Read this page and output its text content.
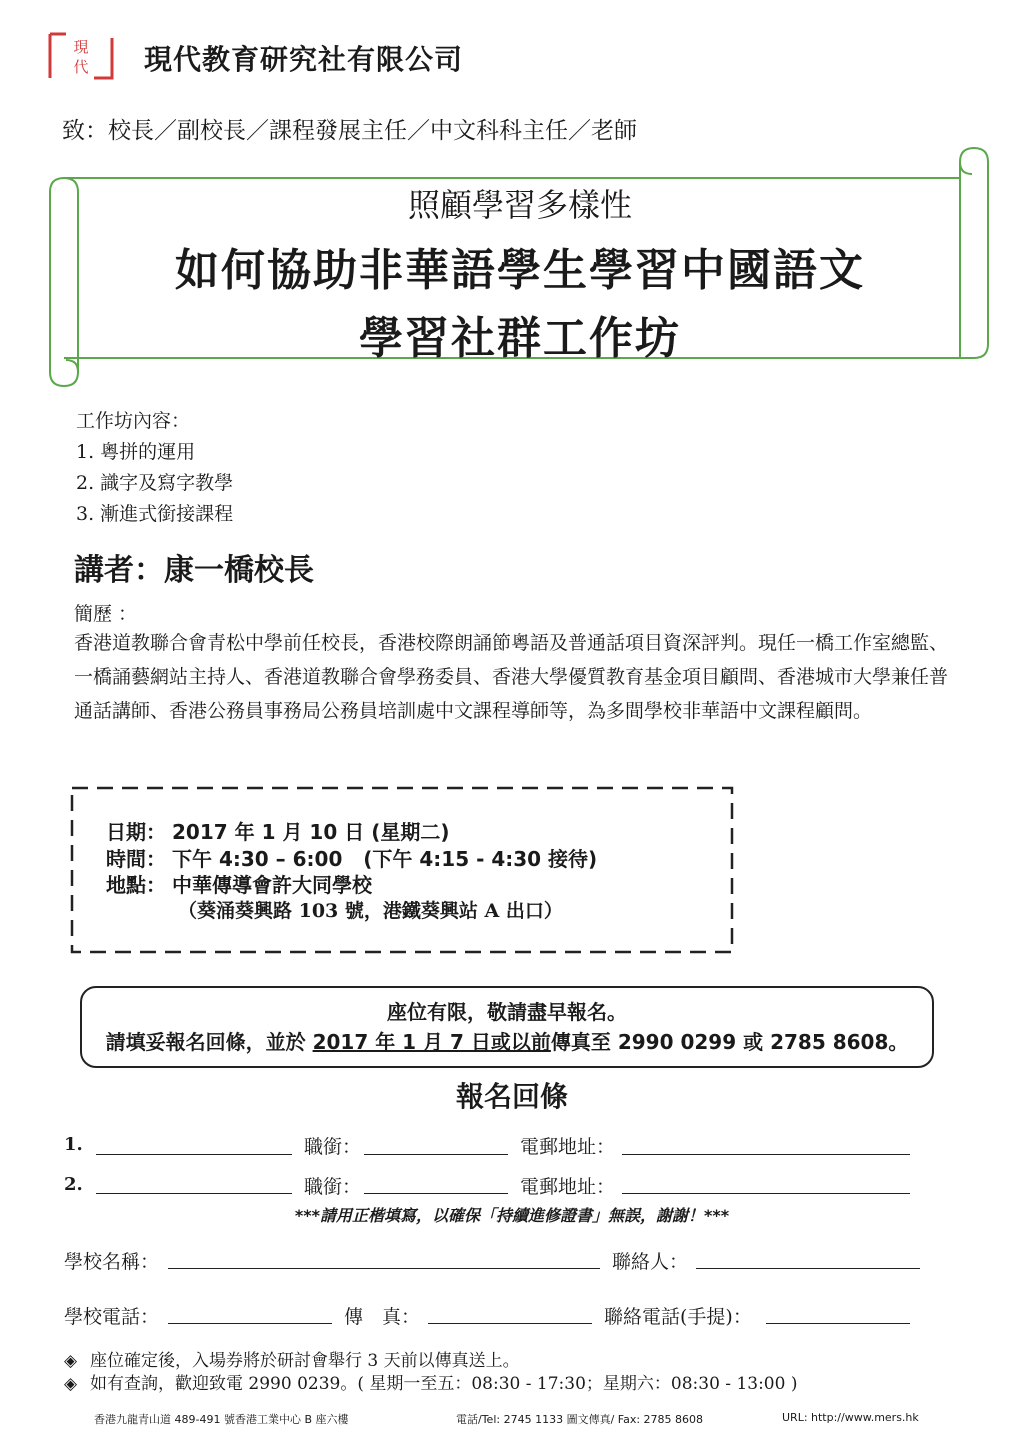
現
代 現代教育研究社有限公司
致：校長／副校長／課程發展主任／中文科科主任／老師
照顧學習多樣性
如何協助非華語學生學習中國語文
學習社群工作坊
工作坊內容：
1. 粵拼的運用
2. 識字及寫字教學
3. 漸進式銜接課程
講者：康一橋校長
簡歷 ：
香港道教聯合會青松中學前任校長，香港校際朗誦節粵語及普通話項目資深評判。現任一橋工作室總監、一橋誦藝網站主持人、香港道教聯合會學務委員、香港大學優質教育基金項目顧問、香港城市大學兼任普通話講師、香港公務員事務局公務員培訓處中文課程導師等，為多間學校非華語中文課程顧問。
日期： 2017 年 1 月 10 日 (星期二)
時間： 下午 4:30 – 6:00   (下午 4:15 - 4:30 接待)
地點： 中華傳導會許大同學校
（葵涌葵興路 103 號，港鐵葵興站 A 出口）
座位有限，敬請盡早報名。
請填妥報名回條，並於 2017 年 1 月 7 日或以前傳真至 2990 0299 或 2785 8608。
報名回條
1.	職銜：	電郵地址：
2.	職銜：	電郵地址：
***請用正楷填寫，以確保「持續進修證書」無誤，謝謝！***
學校名稱：	聯絡人：
學校電話：	傳　真：	聯絡電話(手提)：
◈ 座位確定後，入場券將於研討會舉行 3 天前以傳真送上。
◈ 如有查詢，歡迎致電 2990 0239。( 星期一至五：08:30 - 17:30；星期六：08:30 - 13:00 )
香港九龍青山道 489-491 號香港工業中心 B 座六樓	電話/Tel: 2745 1133 圖文傳真/ Fax: 2785 8608	URL: http://www.mers.hk
